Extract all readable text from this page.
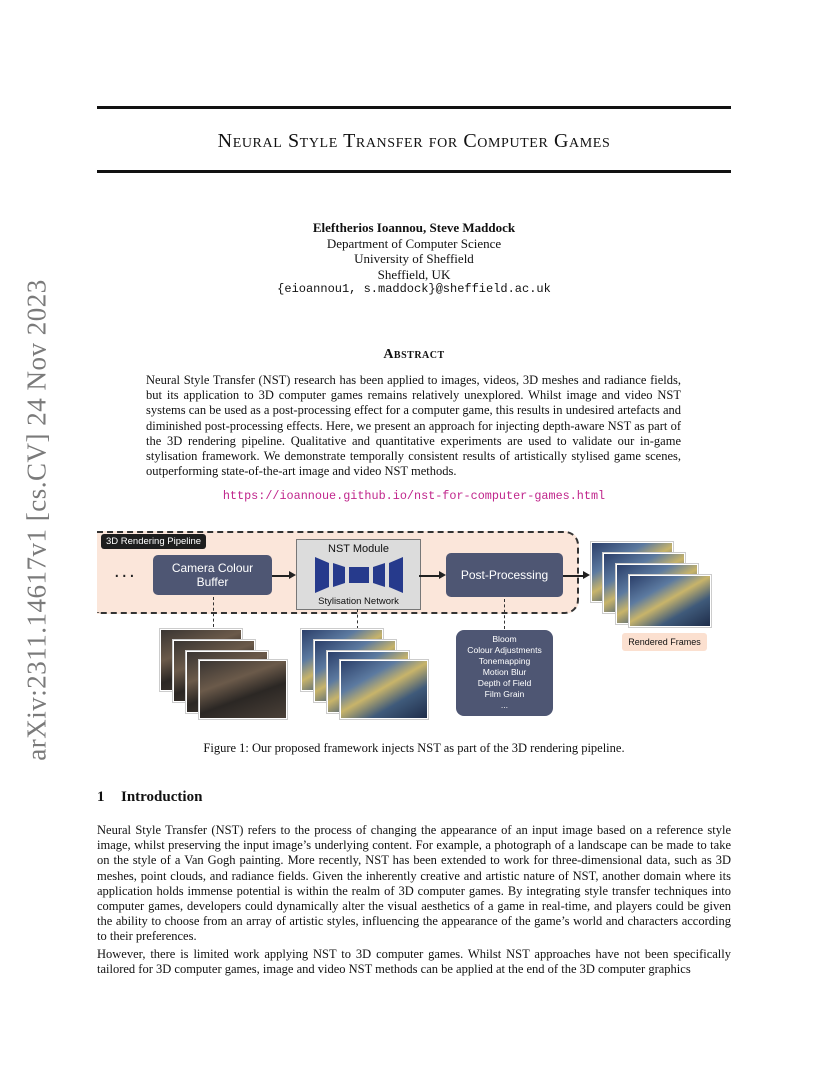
arXiv:2311.14617v1 [cs.CV] 24 Nov 2023
Neural Style Transfer for Computer Games
Eleftherios Ioannou, Steve Maddock
Department of Computer Science
University of Sheffield
Sheffield, UK
{eioannou1, s.maddock}@sheffield.ac.uk
Abstract
Neural Style Transfer (NST) research has been applied to images, videos, 3D meshes and radiance fields, but its application to 3D computer games remains relatively unexplored. Whilst image and video NST systems can be used as a post-processing effect for a computer game, this results in undesired artefacts and diminished post-processing effects. Here, we present an approach for injecting depth-aware NST as part of the 3D rendering pipeline. Qualitative and quantitative experiments are used to validate our in-game stylisation framework. We demonstrate temporally consistent results of artistically stylised game scenes, outperforming state-of-the-art image and video NST methods.
https://ioannoue.github.io/nst-for-computer-games.html
3D Rendering Pipeline
...	Camera Colour Buffer
NST Module
Stylisation Network
Post-Processing
Rendered Frames
Bloom
Colour Adjustments
Tonemapping
Motion Blur
Depth of Field
Film Grain
...
Figure 1: Our proposed framework injects NST as part of the 3D rendering pipeline.
1 Introduction

Neural Style Transfer (NST) refers to the process of changing the appearance of an input image based on a reference style image, whilst preserving the input image’s underlying content. For example, a photograph of a landscape can be made to take on the style of a Van Gogh painting. More recently, NST has been extended to work for three-dimensional data, such as 3D meshes, point clouds, and radiance fields. Given the inherently creative and artistic nature of NST, another domain where its application holds immense potential is within the realm of 3D computer games. By integrating style transfer techniques into computer games, developers could dynamically alter the visual aesthetics of a game in real-time, and players could be given the ability to choose from an array of artistic styles, influencing the appearance of the game’s world and characters according to their preferences.

However, there is limited work applying NST to 3D computer games. Whilst NST approaches have not been specifically tailored for 3D computer games, image and video NST methods can be applied at the end of the 3D computer graphics
